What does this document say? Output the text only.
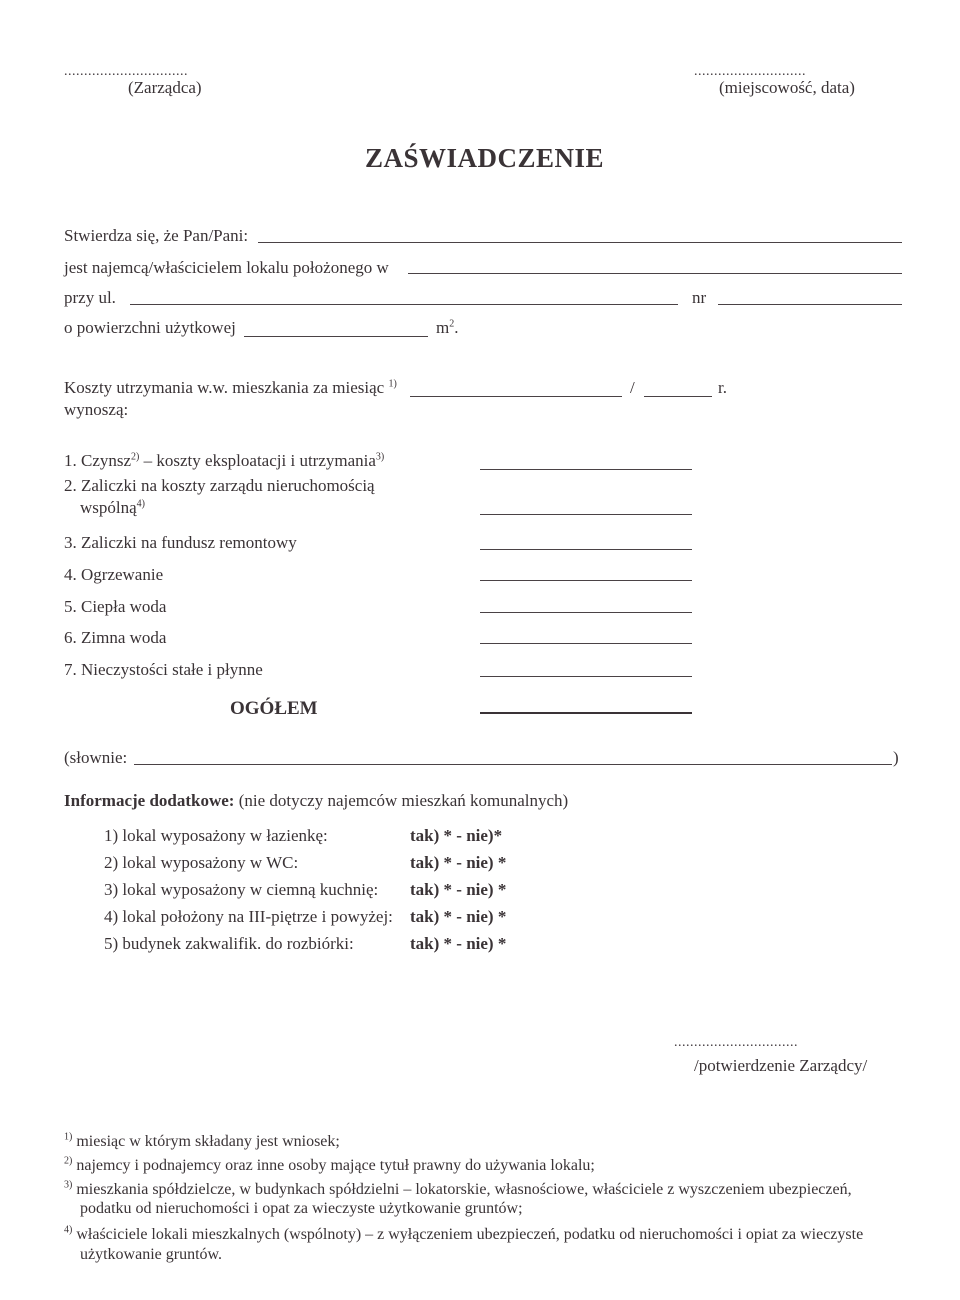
...............................
(Zarządca)
............................
(miejscowość, data)
ZAŚWIADCZENIE
Stwierdza się, że Pan/Pani:
jest najemcą/właścicielem lokalu położonego w
przy ul.	nr
o powierzchni użytkowej	$m^2$.
Koszty utrzymania w.w. mieszkania za miesiąc $^{1)}$	/	r.
wynoszą:
1. Czynsz$^{2)}$ – koszty eksploatacji i utrzymania$^{3)}$
2. Zaliczki na koszty zarządu nieruchomością
wspólną$^{4)}$
3. Zaliczki na fundusz remontowy
4. Ogrzewanie
5. Ciepła woda
6. Zimna woda
7. Nieczystości stałe i płynne
OGÓŁEM
(słownie:	)
Informacje dodatkowe: (nie dotyczy najemców mieszkań komunalnych)
1) lokal wyposażony w łazienkę:	tak) * - nie)*
2) lokal wyposażony w WC:	tak) * - nie) *
3) lokal wyposażony w ciemną kuchnię: tak) * - nie) *
4) lokal położony na III-piętrze i powyżej: tak) * - nie) *
5) budynek zakwalifik. do rozbiórki:	tak) * - nie) *
...............................
/potwierdzenie Zarządcy/
$^{1)}$ miesiąc w którym składany jest wniosek;
$^{2)}$ najemcy i podnajemcy oraz inne osoby mające tytuł prawny do używania lokalu;
$^{3)}$ mieszkania spółdzielcze, w budynkach spółdzielni – lokatorskie, własnościowe, właściciele z wyszczeniem ubezpieczeń,
podatku od nieruchomości i opat za wieczyste użytkowanie gruntów;
$^{4)}$ właściciele lokali mieszkalnych (wspólnoty) – z wyłączeniem ubezpieczeń, podatku od nieruchomości i opiat za wieczyste
użytkowanie gruntów.
